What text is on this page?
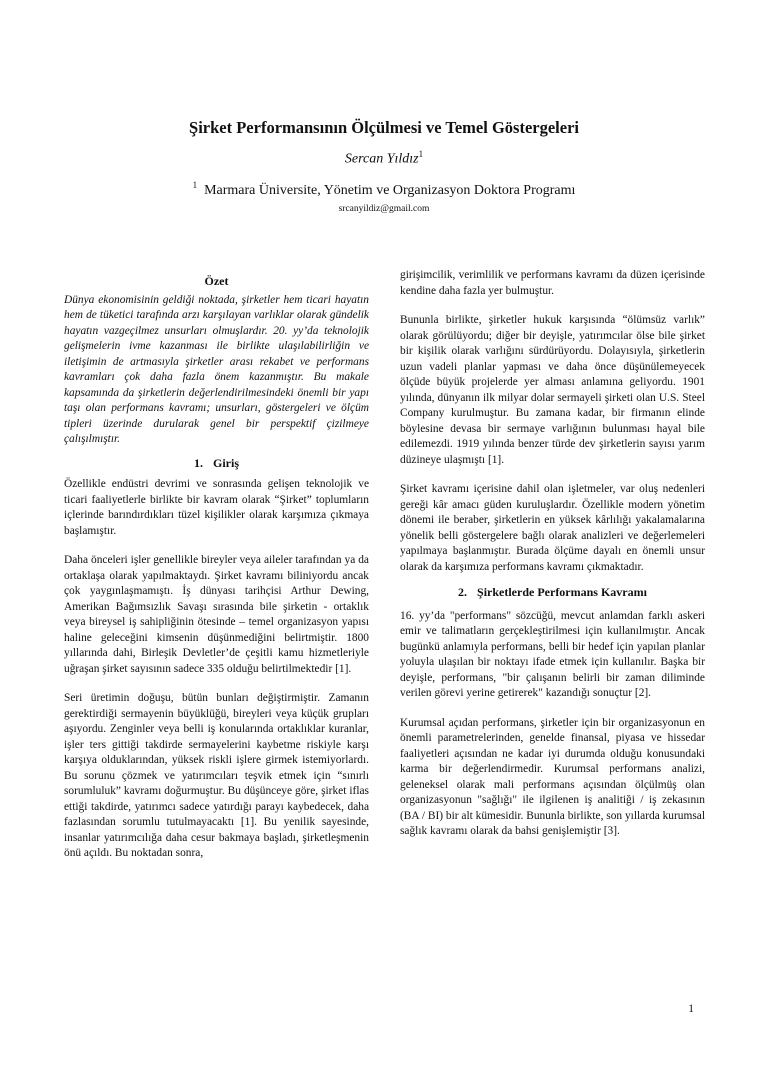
Şirket Performansının Ölçülmesi ve Temel Göstergeleri
Sercan Yıldız$^1$
$^1$ Marmara Üniversite, Yönetim ve Organizasyon Doktora Programı
srcanyildiz@gmail.com
Özet

Dünya ekonomisinin geldiği noktada, şirketler hem ticari hayatın hem de tüketici tarafında arzı karşılayan varlıklar olarak gündelik hayatın vazgeçilmez unsurları olmuşlardır. 20. yy’da teknolojik gelişmelerin ivme kazanması ile birlikte ulaşılabilirliğin ve iletişimin de artmasıyla şirketler arası rekabet ve performans kavramları çok daha fazla önem kazanmıştır. Bu makale kapsamında da şirketlerin değerlendirilmesindeki önemli bir yapı taşı olan performans kavramı; unsurları, göstergeleri ve ölçüm tipleri üzerinde durularak genel bir perspektif çizilmeye çalışılmıştır.

1. Giriş

Özellikle endüstri devrimi ve sonrasında gelişen teknolojik ve ticari faaliyetlerle birlikte bir kavram olarak “Şirket” toplumların içlerinde barındırdıkları tüzel kişilikler olarak karşımıza çıkmaya başlamıştır.

Daha önceleri işler genellikle bireyler veya aileler tarafından ya da ortaklaşa olarak yapılmaktaydı. Şirket kavramı biliniyordu ancak çok yaygınlaşmamıştı. İş dünyası tarihçisi Arthur Dewing, Amerikan Bağımsızlık Savaşı sırasında bile şirketin - ortaklık veya bireysel iş sahipliğinin ötesinde – temel organizasyon yapısı haline geleceğini kimsenin düşünmediğini belirtmiştir. 1800 yıllarında dahi, Birleşik Devletler’de çeşitli kamu hizmetleriyle uğraşan şirket sayısının sadece 335 olduğu belirtilmektedir [1].

Seri üretimin doğuşu, bütün bunları değiştirmiştir. Zamanın gerektirdiği sermayenin büyüklüğü, bireyleri veya küçük grupları aşıyordu. Zenginler veya belli iş konularında ortaklıklar kuranlar, işler ters gittiği takdirde sermayelerini kaybetme riskiyle karşı karşıya olduklarından, yüksek riskli işlere girmek istemiyorlardı. Bu sorunu çözmek ve yatırımcıları teşvik etmek için “sınırlı sorumluluk” kavramı doğurmuştur. Bu düşünceye göre, şirket iflas ettiği takdirde, yatırımcı sadece yatırdığı parayı kaybedecek, daha fazlasından sorumlu tutulmayacaktı [1]. Bu yenilik sayesinde, insanlar yatırımcılığa daha cesur bakmaya başladı, şirketleşmenin önü açıldı. Bu noktadan sonra,

girişimcilik, verimlilik ve performans kavramı da düzen içerisinde kendine daha fazla yer bulmuştur.

Bununla birlikte, şirketler hukuk karşısında “ölümsüz varlık” olarak görülüyordu; diğer bir deyişle, yatırımcılar ölse bile şirket bir kişilik olarak varlığını sürdürüyordu. Dolayısıyla, şirketlerin uzun vadeli planlar yapması ve daha önce düşünülemeyecek ölçüde büyük projelerde yer alması anlamına geliyordu. 1901 yılında, dünyanın ilk milyar dolar sermayeli şirketi olan U.S. Steel Company kurulmuştur. Bu zamana kadar, bir firmanın elinde böylesine devasa bir sermaye varlığının bulunması hayal bile edilemezdi. 1919 yılında benzer türde dev şirketlerin sayısı yarım düzineye ulaşmıştı [1].

Şirket kavramı içerisine dahil olan işletmeler, var oluş nedenleri gereği kâr amacı güden kuruluşlardır. Özellikle modern yönetim dönemi ile beraber, şirketlerin en yüksek kârlılığı yakalamalarına yönelik belli göstergelere bağlı olarak analizleri ve değerlemeleri yapılmaya başlanmıştır. Burada ölçüme dayalı en önemli unsur olarak da karşımıza performans kavramı çıkmaktadır.

2. Şirketlerde Performans Kavramı

16. yy’da "performans" sözcüğü, mevcut anlamdan farklı askeri emir ve talimatların gerçekleştirilmesi için kullanılmıştır. Ancak bugünkü anlamıyla performans, belli bir hedef için yapılan planlar yoluyla ulaşılan bir noktayı ifade etmek için kullanılır. Başka bir deyişle, performans, "bir çalışanın belirli bir zaman diliminde verilen görevi yerine getirerek" kazandığı sonuçtur [2].

Kurumsal açıdan performans, şirketler için bir organizasyonun en önemli parametrelerinden, genelde finansal, piyasa ve hissedar faaliyetleri açısından ne kadar iyi durumda olduğu konusundaki karma bir değerlendirmedir. Kurumsal performans analizi, geleneksel olarak mali performans açısından ölçülmüş olan organizasyonun "sağlığı" ile ilgilenen iş analitiği / iş zekasının (BA / BI) bir alt kümesidir. Bununla birlikte, son yıllarda kurumsal sağlık kavramı olarak da bahsi genişlemiştir [3].

1
